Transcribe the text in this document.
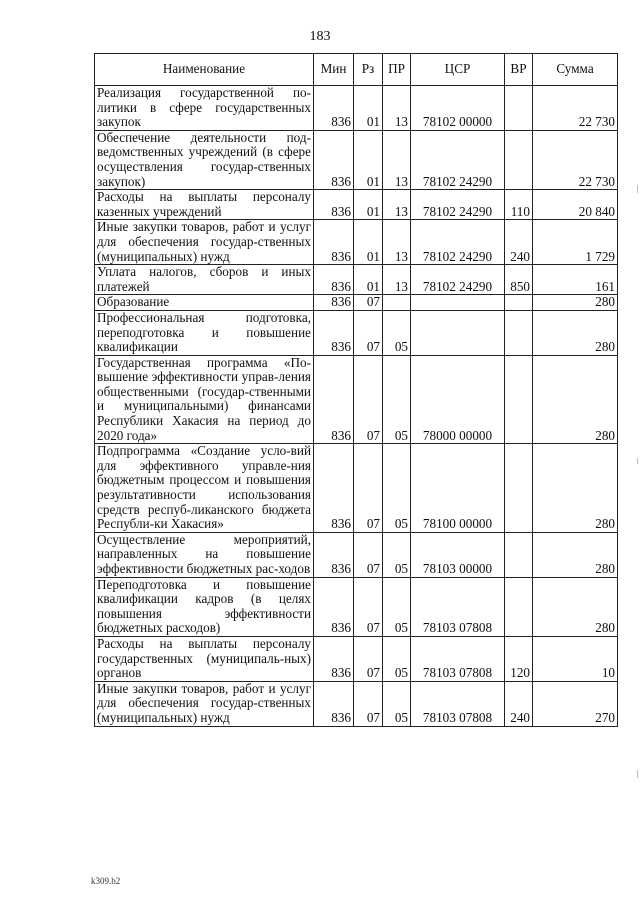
183
Наименование	Мин	Рз	ПР	ЦСР	ВР	Сумма
Реализация государственной по-литики в сфере государственных закупок	836	01	13	78102 00000		22 730
Обеспечение деятельности под-ведомственных учреждений (в сфере осуществления государ-ственных закупок)	836	01	13	78102 24290		22 730
Расходы на выплаты персоналу казенных учреждений	836	01	13	78102 24290	110	20 840
Иные закупки товаров, работ и услуг для обеспечения государ-ственных (муниципальных) нужд	836	01	13	78102 24290	240	1 729
Уплата налогов, сборов и иных платежей	836	01	13	78102 24290	850	161
Образование	836	07				280
Профессиональная подготовка, переподготовка и повышение квалификации	836	07	05			280
Государственная программа «По-вышение эффективности управ-ления общественными (государ-ственными и муниципальными) финансами Республики Хакасия на период до 2020 года»	836	07	05	78000 00000		280
Подпрограмма «Создание усло-вий для эффективного управле-ния бюджетным процессом и повышения результативности использования средств респуб-ликанского бюджета Республи-ки Хакасия»	836	07	05	78100 00000		280
Осуществление мероприятий, направленных на повышение эффективности бюджетных рас-ходов	836	07	05	78103 00000		280
Переподготовка и повышение квалификации кадров (в целях повышения эффективности бюджетных расходов)	836	07	05	78103 07808		280
Расходы на выплаты персоналу государственных (муниципаль-ных) органов	836	07	05	78103 07808	120	10
Иные закупки товаров, работ и услуг для обеспечения государ-ственных (муниципальных) нужд	836	07	05	78103 07808	240	270
k309.b2
